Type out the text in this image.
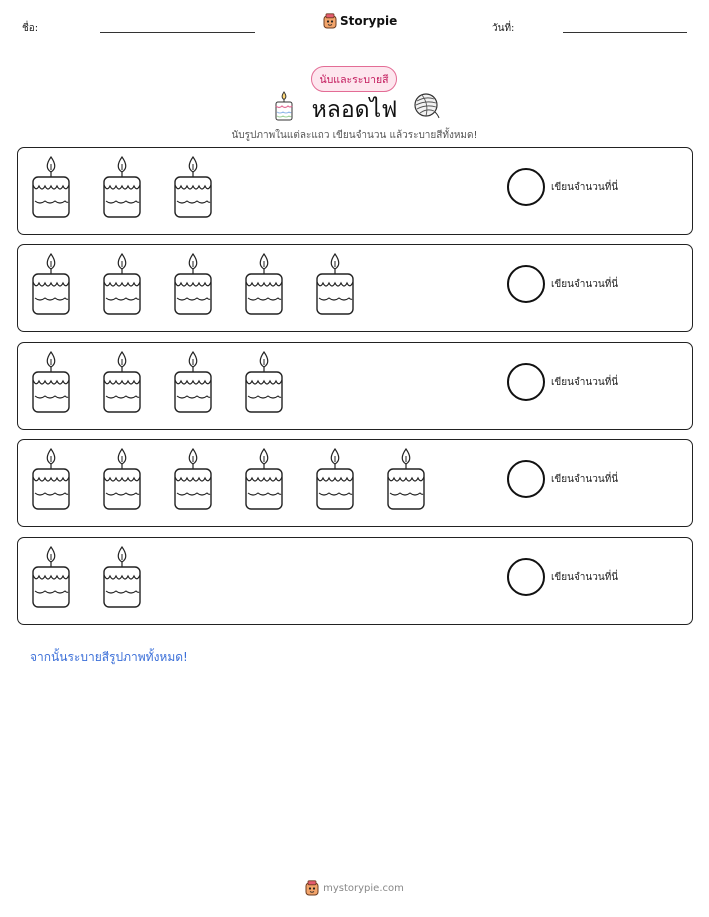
ชื่อ:
Storypie
วันที่:
นับและระบายสี
หลอดไฟ
นับรูปภาพในแต่ละแถว เขียนจำนวน แล้วระบายสีทั้งหมด!
เขียนจำนวนที่นี่
เขียนจำนวนที่นี่
เขียนจำนวนที่นี่
เขียนจำนวนที่นี่
เขียนจำนวนที่นี่
จากนั้นระบายสีรูปภาพทั้งหมด!
mystorypie.com
